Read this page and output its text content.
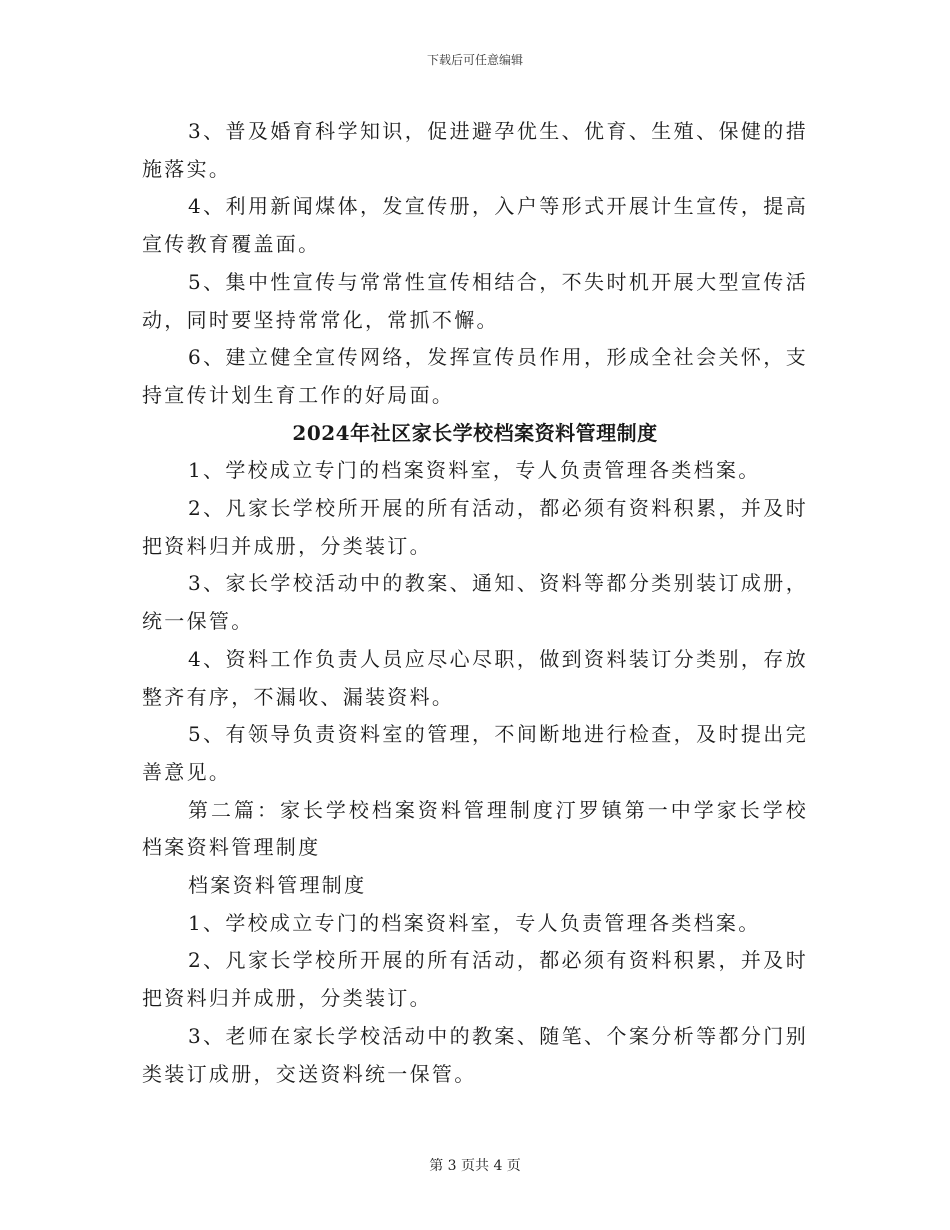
下载后可任意编辑

3、普及婚育科学知识，促进避孕优生、优育、生殖、保健的措施落实。

4、利用新闻煤体，发宣传册，入户等形式开展计生宣传，提高宣传教育覆盖面。

5、集中性宣传与常常性宣传相结合，不失时机开展大型宣传活动，同时要坚持常常化，常抓不懈。

6、建立健全宣传网络，发挥宣传员作用，形成全社会关怀，支持宣传计划生育工作的好局面。

2024年社区家长学校档案资料管理制度

1、学校成立专门的档案资料室，专人负责管理各类档案。

2、凡家长学校所开展的所有活动，都必须有资料积累，并及时把资料归并成册，分类装订。

3、家长学校活动中的教案、通知、资料等都分类别装订成册，统一保管。

4、资料工作负责人员应尽心尽职，做到资料装订分类别，存放整齐有序，不漏收、漏装资料。

5、有领导负责资料室的管理，不间断地进行检查，及时提出完善意见。

第二篇：家长学校档案资料管理制度汀罗镇第一中学家长学校档案资料管理制度

档案资料管理制度

1、学校成立专门的档案资料室，专人负责管理各类档案。

2、凡家长学校所开展的所有活动，都必须有资料积累，并及时把资料归并成册，分类装订。

3、老师在家长学校活动中的教案、随笔、个案分析等都分门别类装订成册，交送资料统一保管。

第 3 页共 4 页
